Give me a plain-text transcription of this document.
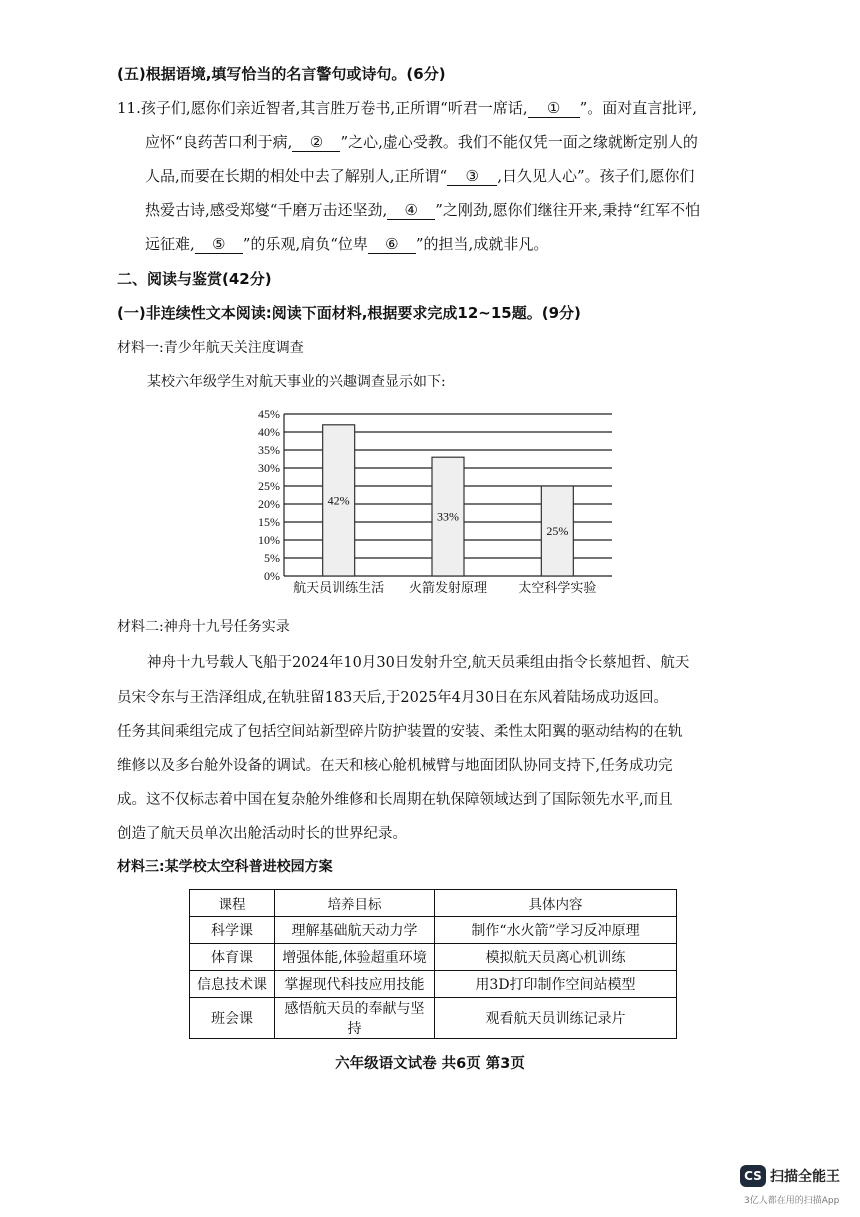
(五)根据语境,填写恰当的名言警句或诗句。(6分)
11.孩子们,愿你们亲近智者,其言胜万卷书,正所谓“听君一席话, ① ”。面对直言批评,
应怀“良药苦口利于病, ② ”之心,虚心受教。我们不能仅凭一面之缘就断定别人的
人品,而要在长期的相处中去了解别人,正所谓“ ③ ,日久见人心”。孩子们,愿你们
热爱古诗,感受郑燮“千磨万击还坚劲, ④ ”之刚劲,愿你们继往开来,秉持“红军不怕
远征难, ⑤ ”的乐观,肩负“位卑 ⑥ ”的担当,成就非凡。
二、阅读与鉴赏(42分)
(一)非连续性文本阅读:阅读下面材料,根据要求完成12~15题。(9分)
材料一:青少年航天关注度调查
某校六年级学生对航天事业的兴趣调查显示如下:
0%
5%
10%
15%
20%
25%
30%
35%
40%
45%
42%
航天员训练生活
33%
火箭发射原理
25%
太空科学实验
材料二:神舟十九号任务实录
神舟十九号载人飞船于2024年10月30日发射升空,航天员乘组由指令长蔡旭哲、航天
员宋令东与王浩泽组成,在轨驻留183天后,于2025年4月30日在东风着陆场成功返回。
任务其间乘组完成了包括空间站新型碎片防护装置的安装、柔性太阳翼的驱动结构的在轨
维修以及多台舱外设备的调试。在天和核心舱机械臂与地面团队协同支持下,任务成功完
成。这不仅标志着中国在复杂舱外维修和长周期在轨保障领域达到了国际领先水平,而且
创造了航天员单次出舱活动时长的世界纪录。
材料三:某学校太空科普进校园方案
课程	培养目标	具体内容
科学课	理解基础航天动力学	制作“水火箭”学习反冲原理
体育课	增强体能,体验超重环境	模拟航天员离心机训练
信息技术课	掌握现代科技应用技能	用3D打印制作空间站模型
班会课	感悟航天员的奉献与坚持	观看航天员训练记录片
六年级语文试卷 共6页 第3页
CS 扫描全能王
3亿人都在用的扫描App
